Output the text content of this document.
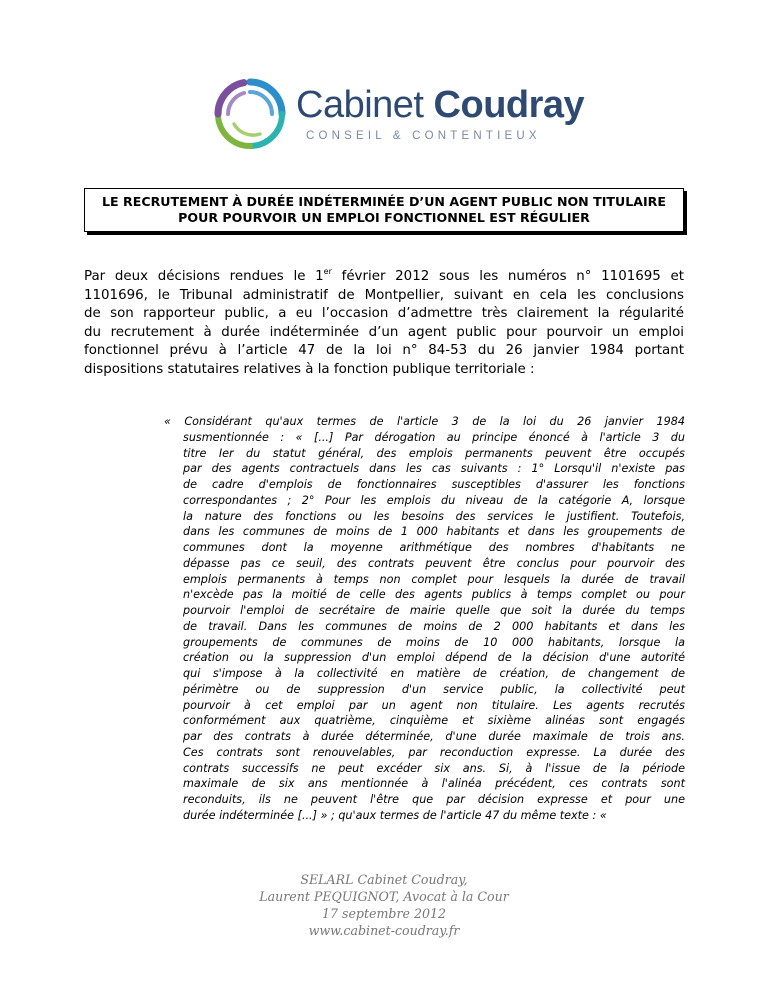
Cabinet Coudray
CONSEIL & CONTENTIEUX
LE RECRUTEMENT À DURÉE INDÉTERMINÉE D’UN AGENT PUBLIC NON TITULAIRE
POUR POURVOIR UN EMPLOI FONCTIONNEL EST RÉGULIER
Par deux décisions rendues le 1er février 2012 sous les numéros n° 1101695 et
1101696, le Tribunal administratif de Montpellier, suivant en cela les conclusions
de son rapporteur public, a eu l’occasion d’admettre très clairement la régularité
du recrutement à durée indéterminée d’un agent public pour pourvoir un emploi
fonctionnel prévu à l’article 47 de la loi n° 84-53 du 26 janvier 1984 portant
dispositions statutaires relatives à la fonction publique territoriale :
« Considérant qu'aux termes de l'article 3 de la loi du 26 janvier 1984
susmentionnée : « [...] Par dérogation au principe énoncé à l'article 3 du
titre Ier du statut général, des emplois permanents peuvent être occupés
par des agents contractuels dans les cas suivants : 1° Lorsqu'il n'existe pas
de cadre d'emplois de fonctionnaires susceptibles d'assurer les fonctions
correspondantes ; 2° Pour les emplois du niveau de la catégorie A, lorsque
la nature des fonctions ou les besoins des services le justifient. Toutefois,
dans les communes de moins de 1 000 habitants et dans les groupements de
communes dont la moyenne arithmétique des nombres d'habitants ne
dépasse pas ce seuil, des contrats peuvent être conclus pour pourvoir des
emplois permanents à temps non complet pour lesquels la durée de travail
n'excède pas la moitié de celle des agents publics à temps complet ou pour
pourvoir l'emploi de secrétaire de mairie quelle que soit la durée du temps
de travail. Dans les communes de moins de 2 000 habitants et dans les
groupements de communes de moins de 10 000 habitants, lorsque la
création ou la suppression d'un emploi dépend de la décision d'une autorité
qui s'impose à la collectivité en matière de création, de changement de
périmètre ou de suppression d'un service public, la collectivité peut
pourvoir à cet emploi par un agent non titulaire. Les agents recrutés
conformément aux quatrième, cinquième et sixième alinéas sont engagés
par des contrats à durée déterminée, d'une durée maximale de trois ans.
Ces contrats sont renouvelables, par reconduction expresse. La durée des
contrats successifs ne peut excéder six ans. Si, à l'issue de la période
maximale de six ans mentionnée à l'alinéa précédent, ces contrats sont
reconduits, ils ne peuvent l'être que par décision expresse et pour une
durée indéterminée [...] » ; qu'aux termes de l'article 47 du même texte : «
SELARL Cabinet Coudray,
Laurent PEQUIGNOT, Avocat à la Cour
17 septembre 2012
www.cabinet-coudray.fr
